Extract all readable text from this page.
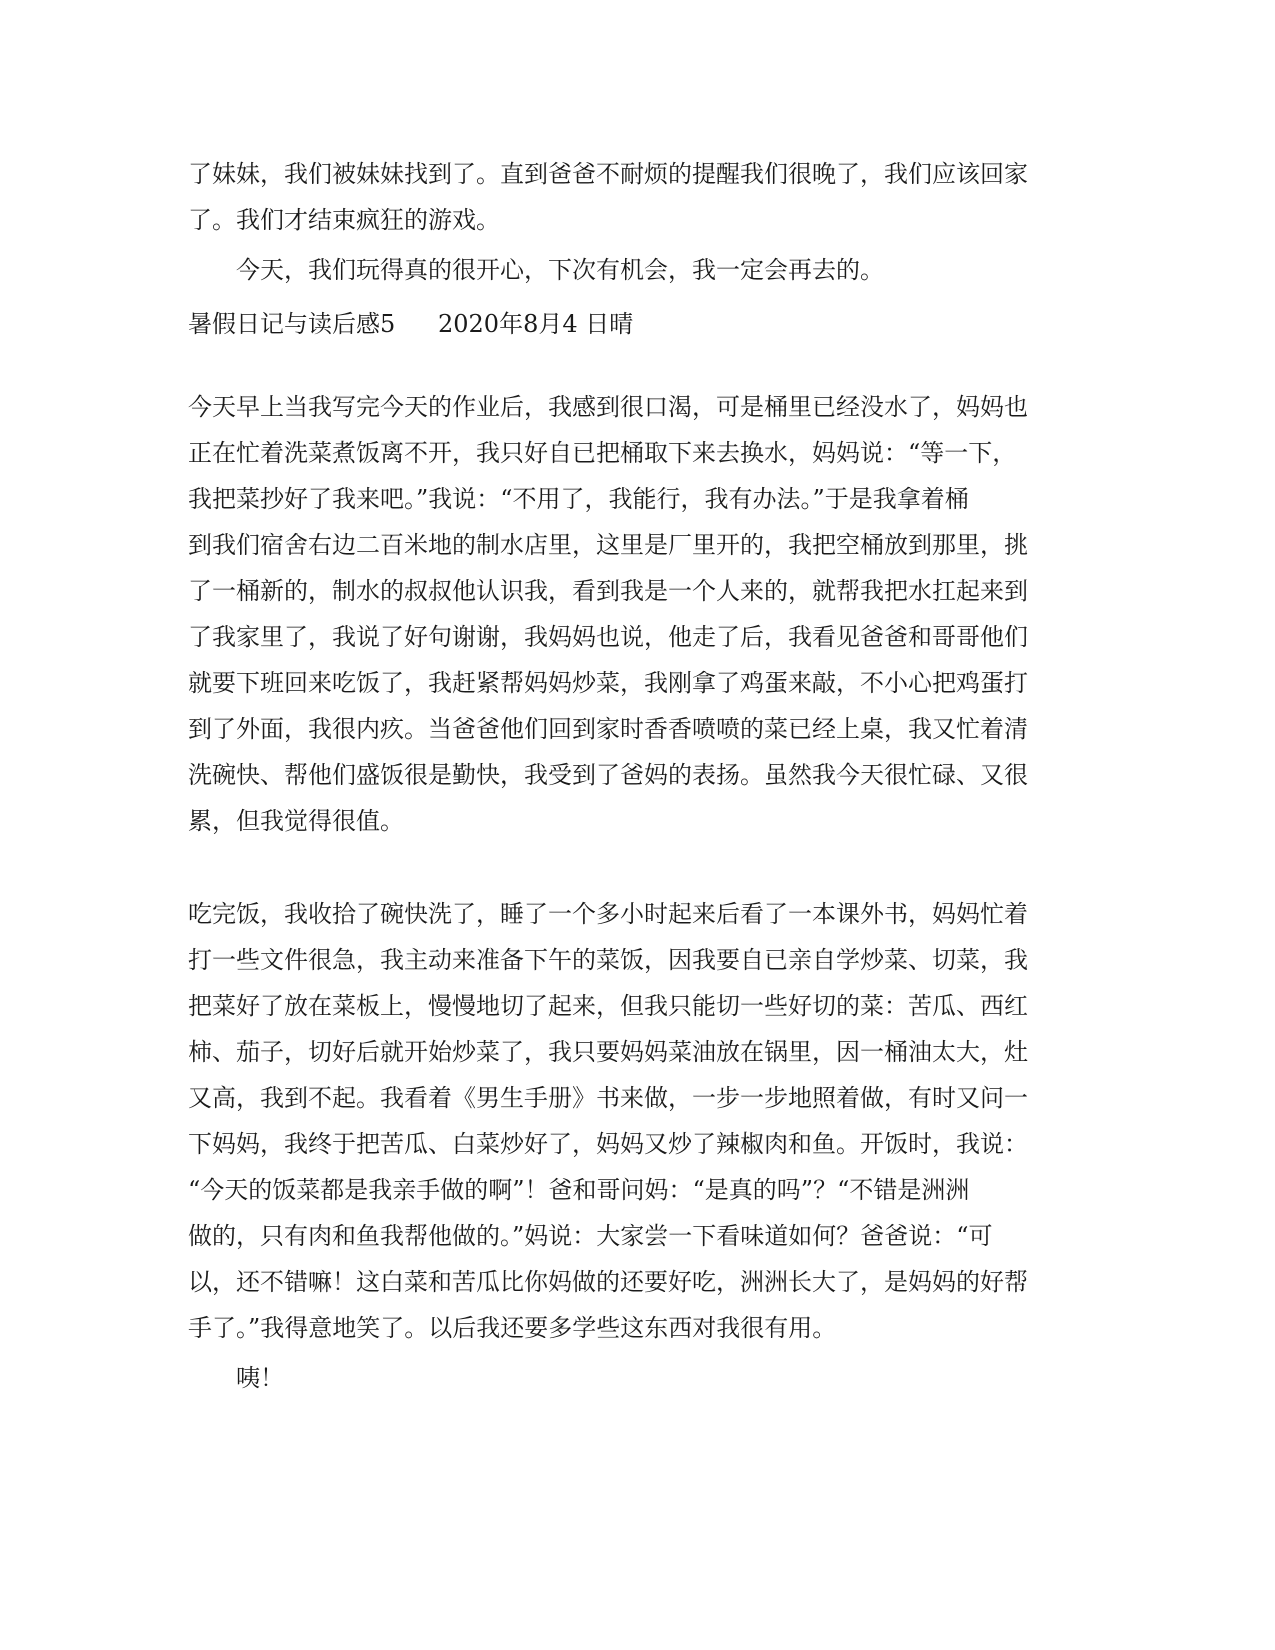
了妹妹，我们被妹妹找到了。直到爸爸不耐烦的提醒我们很晚了，我们应该回家
了。我们才结束疯狂的游戏。
今天，我们玩得真的很开心，下次有机会，我一定会再去的。
暑假日记与读后感5 2020年8月4 日晴
今天早上当我写完今天的作业后，我感到很口渴，可是桶里已经没水了，妈妈也
正在忙着洗菜煮饭离不开，我只好自已把桶取下来去换水，妈妈说：“等一下，
我把菜抄好了我来吧。”我说：“不用了，我能行，我有办法。”于是我拿着桶
到我们宿舍右边二百米地的制水店里，这里是厂里开的，我把空桶放到那里，挑
了一桶新的，制水的叔叔他认识我，看到我是一个人来的，就帮我把水扛起来到
了我家里了，我说了好句谢谢，我妈妈也说，他走了后，我看见爸爸和哥哥他们
就要下班回来吃饭了，我赶紧帮妈妈炒菜，我刚拿了鸡蛋来敲，不小心把鸡蛋打
到了外面，我很内疚。当爸爸他们回到家时香香喷喷的菜已经上桌，我又忙着清
洗碗快、帮他们盛饭很是勤快，我受到了爸妈的表扬。虽然我今天很忙碌、又很
累，但我觉得很值。
吃完饭，我收拾了碗快洗了，睡了一个多小时起来后看了一本课外书，妈妈忙着
打一些文件很急，我主动来准备下午的菜饭，因我要自已亲自学炒菜、切菜，我
把菜好了放在菜板上，慢慢地切了起来，但我只能切一些好切的菜：苦瓜、西红
柿、茄子，切好后就开始炒菜了，我只要妈妈菜油放在锅里，因一桶油太大，灶
又高，我到不起。我看着《男生手册》书来做，一步一步地照着做，有时又问一
下妈妈，我终于把苦瓜、白菜炒好了，妈妈又炒了辣椒肉和鱼。开饭时，我说：
“今天的饭菜都是我亲手做的啊”！爸和哥问妈：“是真的吗”？“不错是洲洲
做的，只有肉和鱼我帮他做的。”妈说：大家尝一下看味道如何？爸爸说：“可
以，还不错嘛！这白菜和苦瓜比你妈做的还要好吃，洲洲长大了，是妈妈的好帮
手了。”我得意地笑了。以后我还要多学些这东西对我很有用。
咦！
